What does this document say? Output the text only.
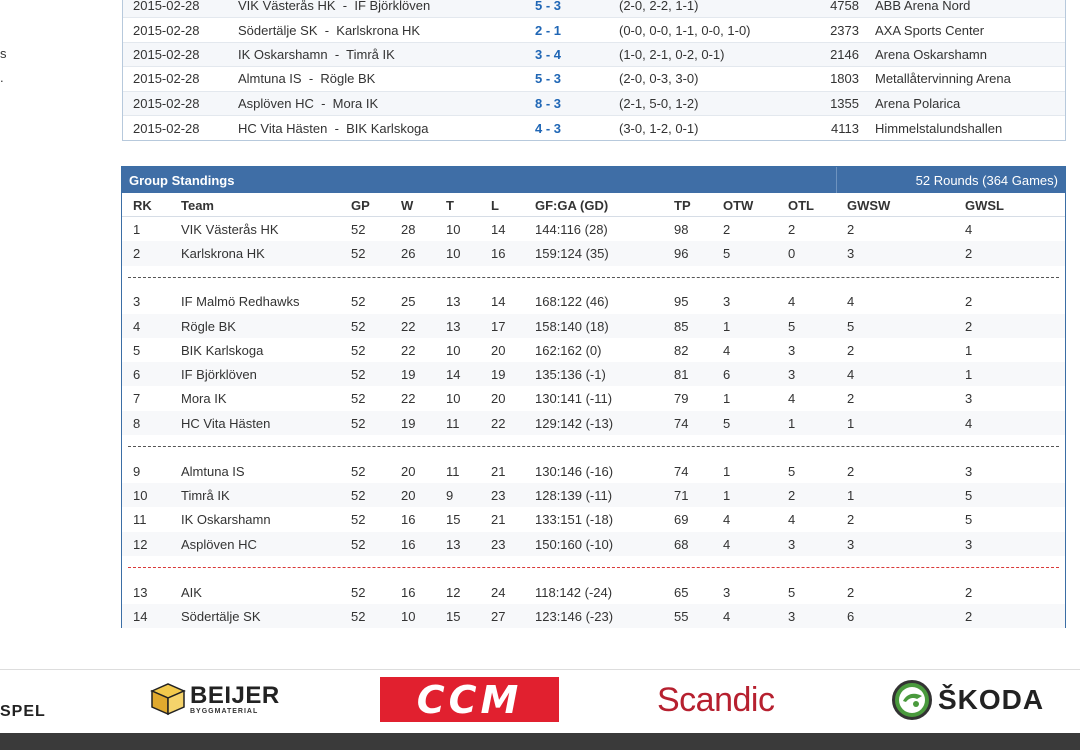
s
.
2015-02-28	VIK Västerås HK  -  IF Björklöven	5 - 3	(2-0, 2-2, 1-1)	4758 ABB Arena Nord
2015-02-28	Södertälje SK  -  Karlskrona HK	2 - 1	(0-0, 0-0, 1-1, 0-0, 1-0)	2373 AXA Sports Center
2015-02-28	IK Oskarshamn  -  Timrå IK	3 - 4	(1-0, 2-1, 0-2, 0-1)	2146 Arena Oskarshamn
2015-02-28	Almtuna IS  -  Rögle BK	5 - 3	(2-0, 0-3, 3-0)	1803 Metallåtervinning Arena
2015-02-28	Asplöven HC  -  Mora IK	8 - 3	(2-1, 5-0, 1-2)	1355 Arena Polarica
2015-02-28	HC Vita Hästen  -  BIK Karlskoga	4 - 3	(3-0, 1-2, 0-1)	4113 Himmelstalundshallen
Group Standings	52 Rounds (364 Games)
RK Team	GP W	T	L	GF:GA (GD)	TP OTW	OTL	GWSW	GWSL
1	VIK Västerås HK	52	28 10 14 144:116 (28)	98	2	2	2	4
2	Karlskrona HK	52	26 10 16 159:124 (35)	96	5	0	3	2
3	IF Malmö Redhawks	52	25 13 14 168:122 (46)	95	3	4	4	2
4	Rögle BK	52	22 13 17 158:140 (18)	85	1	5	5	2
5	BIK Karlskoga	52	22 10 20 162:162 (0)	82	4	3	2	1
6	IF Björklöven	52	19 14 19 135:136 (-1)	81	6	3	4	1
7	Mora IK	52	22 10 20 130:141 (-11)	79	1	4	2	3
8	HC Vita Hästen	52	19 11 22 129:142 (-13)	74	5	1	1	4
9	Almtuna IS	52	20 11 21 130:146 (-16)	74	1	5	2	3
10	Timrå IK	52	20 9	23 128:139 (-11)	71	1	2	1	5
11	IK Oskarshamn	52	16 15 21 133:151 (-18)	69	4	4	2	5
12	Asplöven HC	52	16 13 23 150:160 (-10)	68	4	3	3	3
13	AIK	52	16 12 24 118:142 (-24)	65	3	5	2	2
14	Södertälje SK	52	10 15 27 123:146 (-23)	55	4	3	6	2
SPEL
BEIJER
BYGGMATERIAL	CCM	Scandic	ŠKODA
